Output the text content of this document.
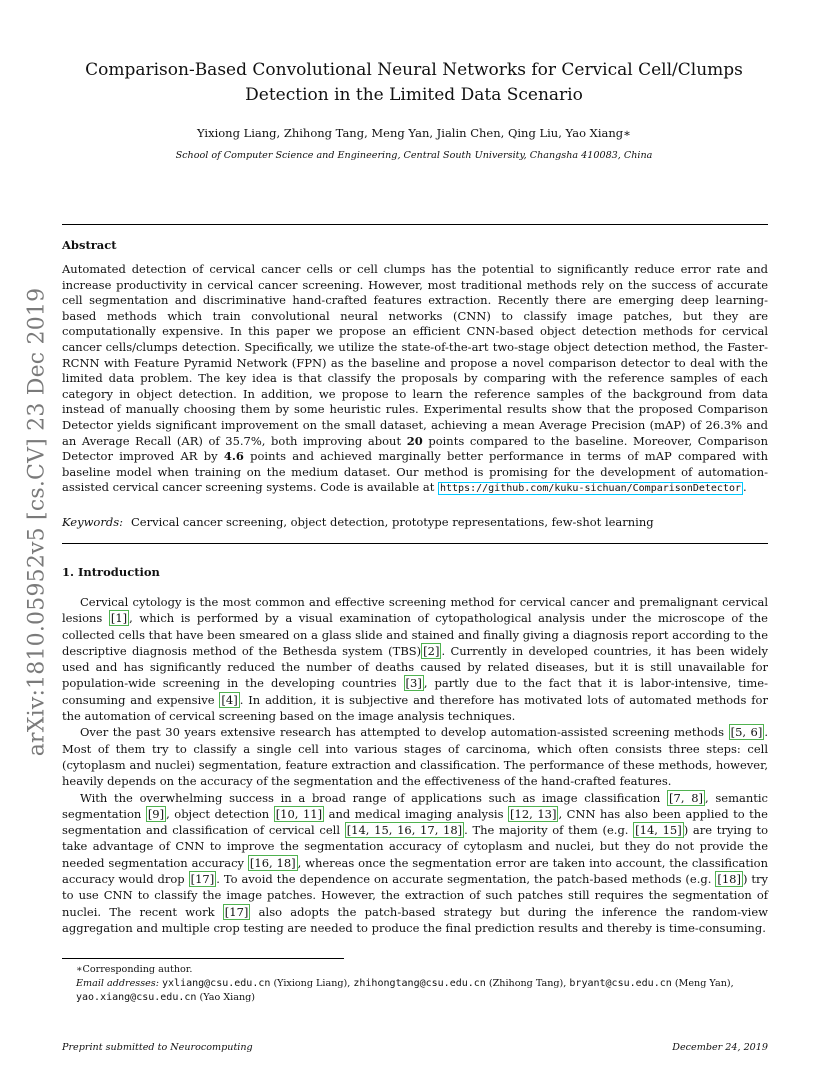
arXiv:1810.05952v5 [cs.CV] 23 Dec 2019
Comparison-Based Convolutional Neural Networks for Cervical Cell/Clumps Detection in the Limited Data Scenario
Yixiong Liang, Zhihong Tang, Meng Yan, Jialin Chen, Qing Liu, Yao Xiang∗
School of Computer Science and Engineering, Central South University, Changsha 410083, China
Abstract

Automated detection of cervical cancer cells or cell clumps has the potential to significantly reduce error rate and increase productivity in cervical cancer screening. However, most traditional methods rely on the success of accurate cell segmentation and discriminative hand-crafted features extraction. Recently there are emerging deep learning-based methods which train convolutional neural networks (CNN) to classify image patches, but they are computationally expensive. In this paper we propose an efficient CNN-based object detection methods for cervical cancer cells/clumps detection. Specifically, we utilize the state-of-the-art two-stage object detection method, the Faster-RCNN with Feature Pyramid Network (FPN) as the baseline and propose a novel comparison detector to deal with the limited data problem. The key idea is that classify the proposals by comparing with the reference samples of each category in object detection. In addition, we propose to learn the reference samples of the background from data instead of manually choosing them by some heuristic rules. Experimental results show that the proposed Comparison Detector yields significant improvement on the small dataset, achieving a mean Average Precision (mAP) of 26.3% and an Average Recall (AR) of 35.7%, both improving about 20 points compared to the baseline. Moreover, Comparison Detector improved AR by 4.6 points and achieved marginally better performance in terms of mAP compared with baseline model when training on the medium dataset. Our method is promising for the development of automation-assisted cervical cancer screening systems. Code is available at https://github.com/kuku-sichuan/ComparisonDetector .

Keywords: Cervical cancer screening, object detection, prototype representations, few-shot learning
1. Introduction

Cervical cytology is the most common and effective screening method for cervical cancer and premalignant cervical lesions [1] , which is performed by a visual examination of cytopathological analysis under the microscope of the collected cells that have been smeared on a glass slide and stained and finally giving a diagnosis report according to the descriptive diagnosis method of the Bethesda system (TBS) [2] . Currently in developed countries, it has been widely used and has significantly reduced the number of deaths caused by related diseases, but it is still unavailable for population-wide screening in the developing countries [3] , partly due to the fact that it is labor-intensive, time-consuming and expensive [4] . In addition, it is subjective and therefore has motivated lots of automated methods for the automation of cervical screening based on the image analysis techniques.

Over the past 30 years extensive research has attempted to develop automation-assisted screening methods [5, 6] . Most of them try to classify a single cell into various stages of carcinoma, which often consists three steps: cell (cytoplasm and nuclei) segmentation, feature extraction and classification. The performance of these methods, however, heavily depends on the accuracy of the segmentation and the effectiveness of the hand-crafted features.

With the overwhelming success in a broad range of applications such as image classification [7, 8] , semantic segmentation [9] , object detection [10, 11] and medical imaging analysis [12, 13] , CNN has also been applied to the segmentation and classification of cervical cell [14, 15, 16, 17, 18] . The majority of them (e.g. [14, 15] ) are trying to take advantage of CNN to improve the segmentation accuracy of cytoplasm and nuclei, but they do not provide the needed segmentation accuracy [16, 18] , whereas once the segmentation error are taken into account, the classification accuracy would drop [17] . To avoid the dependence on accurate segmentation, the patch-based methods (e.g. [18] ) try to use CNN to classify the image patches. However, the extraction of such patches still requires the segmentation of nuclei. The recent work [17] also adopts the patch-based strategy but during the inference the random-view aggregation and multiple crop testing are needed to produce the final prediction results and thereby is time-consuming.

∗Corresponding author.
Email addresses: yxliang@csu.edu.cn (Yixiong Liang), zhihongtang@csu.edu.cn (Zhihong Tang), bryant@csu.edu.cn (Meng Yan), yao.xiang@csu.edu.cn (Yao Xiang)
Preprint submitted to Neurocomputing	December 24, 2019
